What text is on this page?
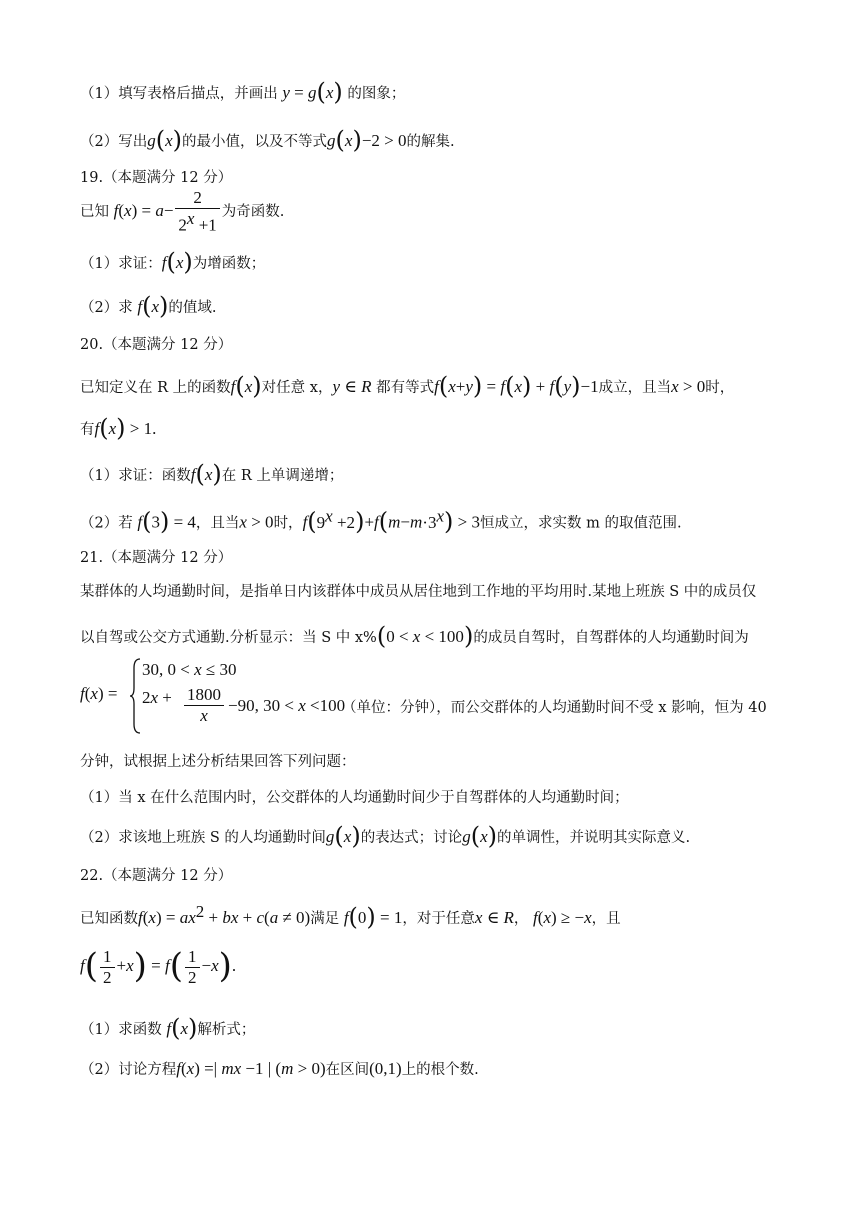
（1）填写表格后描点，并画出 y = g(x) 的图象；
（2）写出g(x)的最小值，以及不等式g(x)−2 > 0的解集.
19.（本题满分 12 分）
已知 $f(x) = a- \frac{2}{2^x +1}$ 为奇函数.
（1）求证：f(x)为增函数；
（2）求 f(x)的值域.
20.（本题满分 12 分）
已知定义在 R 上的函数f(x)对任意 x，y ∈ R 都有等式f(x+y) = f(x) + f(y)−1成立，且当x > 0时，
有f(x) > 1.
（1）求证：函数f(x)在 R 上单调递增；
（2）若 f(3) = 4，且当x > 0时，$f(9^x +2)+f(m-m\cdot 3^x) > 3$恒成立，求实数 m 的取值范围.
21.（本题满分 12 分）
某群体的人均通勤时间，是指单日内该群体中成员从居住地到工作地的平均用时.某地上班族 S 中的成员仅
以自驾或公交方式通勤.分析显示：当 S 中 x%(0 < x < 100)的成员自驾时，自驾群体的人均通勤时间为
f(x) =
30, 0 < x ≤ 30
$2x + \frac{1800}{x} -90$, 30 < x <100
（单位：分钟），而公交群体的人均通勤时间不受 x 影响，恒为 40
分钟，试根据上述分析结果回答下列问题：
（1）当 x 在什么范围内时，公交群体的人均通勤时间少于自驾群体的人均通勤时间；
（2）求该地上班族 S 的人均通勤时间g(x)的表达式；讨论g(x)的单调性，并说明其实际意义.
22.（本题满分 12 分）
已知函数$f(x) = ax^2$ + bx + c(a ≠ 0)满足 f(0) = 1，对于任意x ∈ R， f(x) ≥ −x，且
$f( \frac{1}{2} +x) = f( \frac{1}{2} -x)$.
（1）求函数 f(x)解析式；
（2）讨论方程f(x) =| mx −1 | (m > 0)在区间(0,1)上的根个数.
